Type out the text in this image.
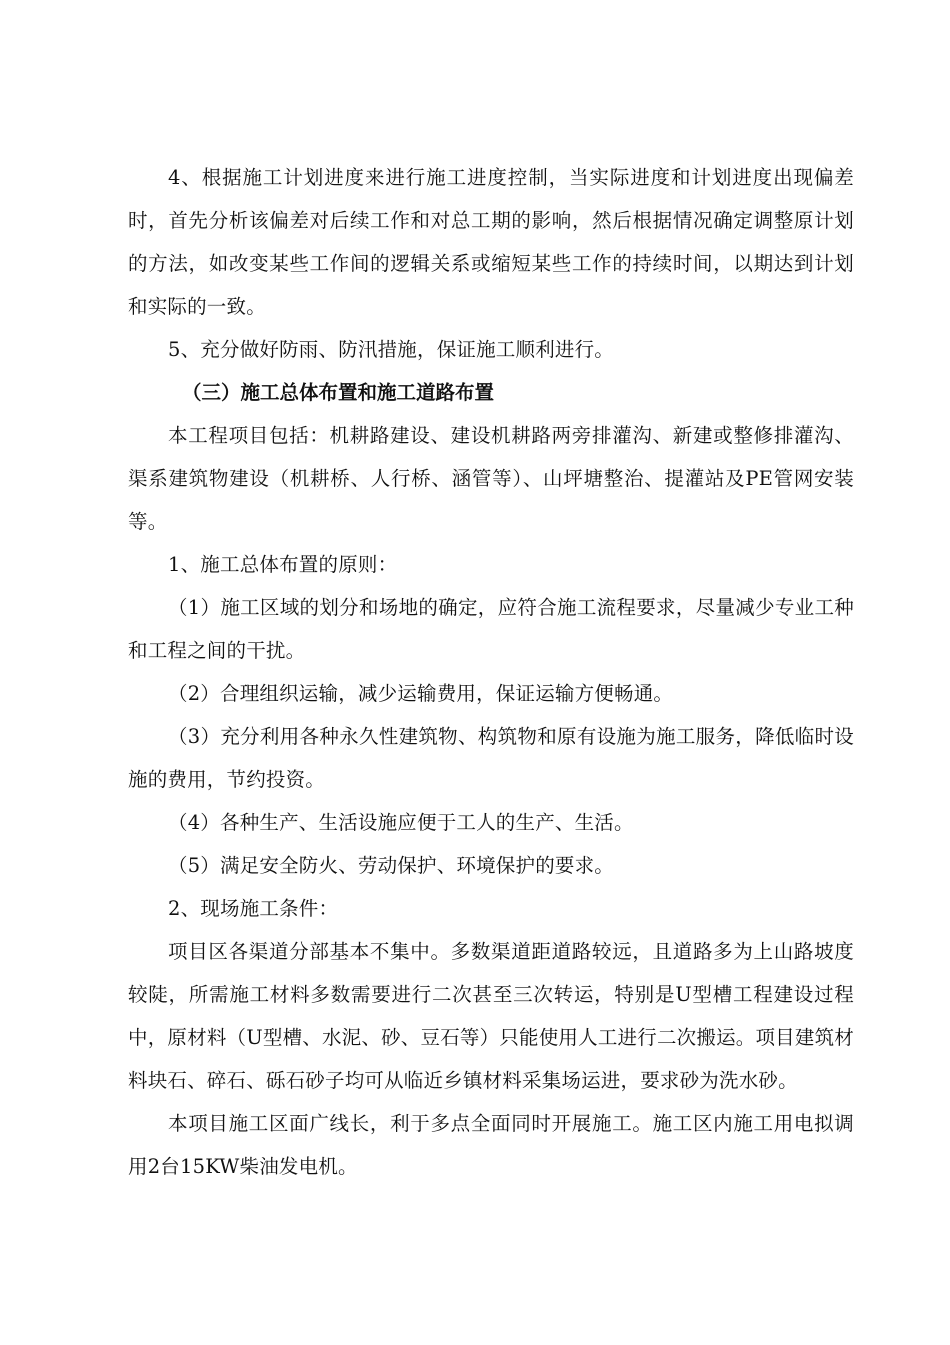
4、根据施工计划进度来进行施工进度控制，当实际进度和计划进度出现偏差时，首先分析该偏差对后续工作和对总工期的影响，然后根据情况确定调整原计划的方法，如改变某些工作间的逻辑关系或缩短某些工作的持续时间，以期达到计划和实际的一致。

5、充分做好防雨、防汛措施，保证施工顺利进行。

（三）施工总体布置和施工道路布置

本工程项目包括：机耕路建设、建设机耕路两旁排灌沟、新建或整修排灌沟、渠系建筑物建设（机耕桥、人行桥、涵管等）、山坪塘整治、提灌站及PE管网安装等。

1、施工总体布置的原则：

（1）施工区域的划分和场地的确定，应符合施工流程要求，尽量减少专业工种和工程之间的干扰。

（2）合理组织运输，减少运输费用，保证运输方便畅通。

（3）充分利用各种永久性建筑物、构筑物和原有设施为施工服务，降低临时设施的费用，节约投资。

（4）各种生产、生活设施应便于工人的生产、生活。

（5）满足安全防火、劳动保护、环境保护的要求。

2、现场施工条件：

项目区各渠道分部基本不集中。多数渠道距道路较远，且道路多为上山路坡度较陡，所需施工材料多数需要进行二次甚至三次转运，特别是U型槽工程建设过程中，原材料（U型槽、水泥、砂、豆石等）只能使用人工进行二次搬运。项目建筑材料块石、碎石、砾石砂子均可从临近乡镇材料采集场运进，要求砂为洗水砂。

本项目施工区面广线长，利于多点全面同时开展施工。施工区内施工用电拟调用2台15KW柴油发电机。
